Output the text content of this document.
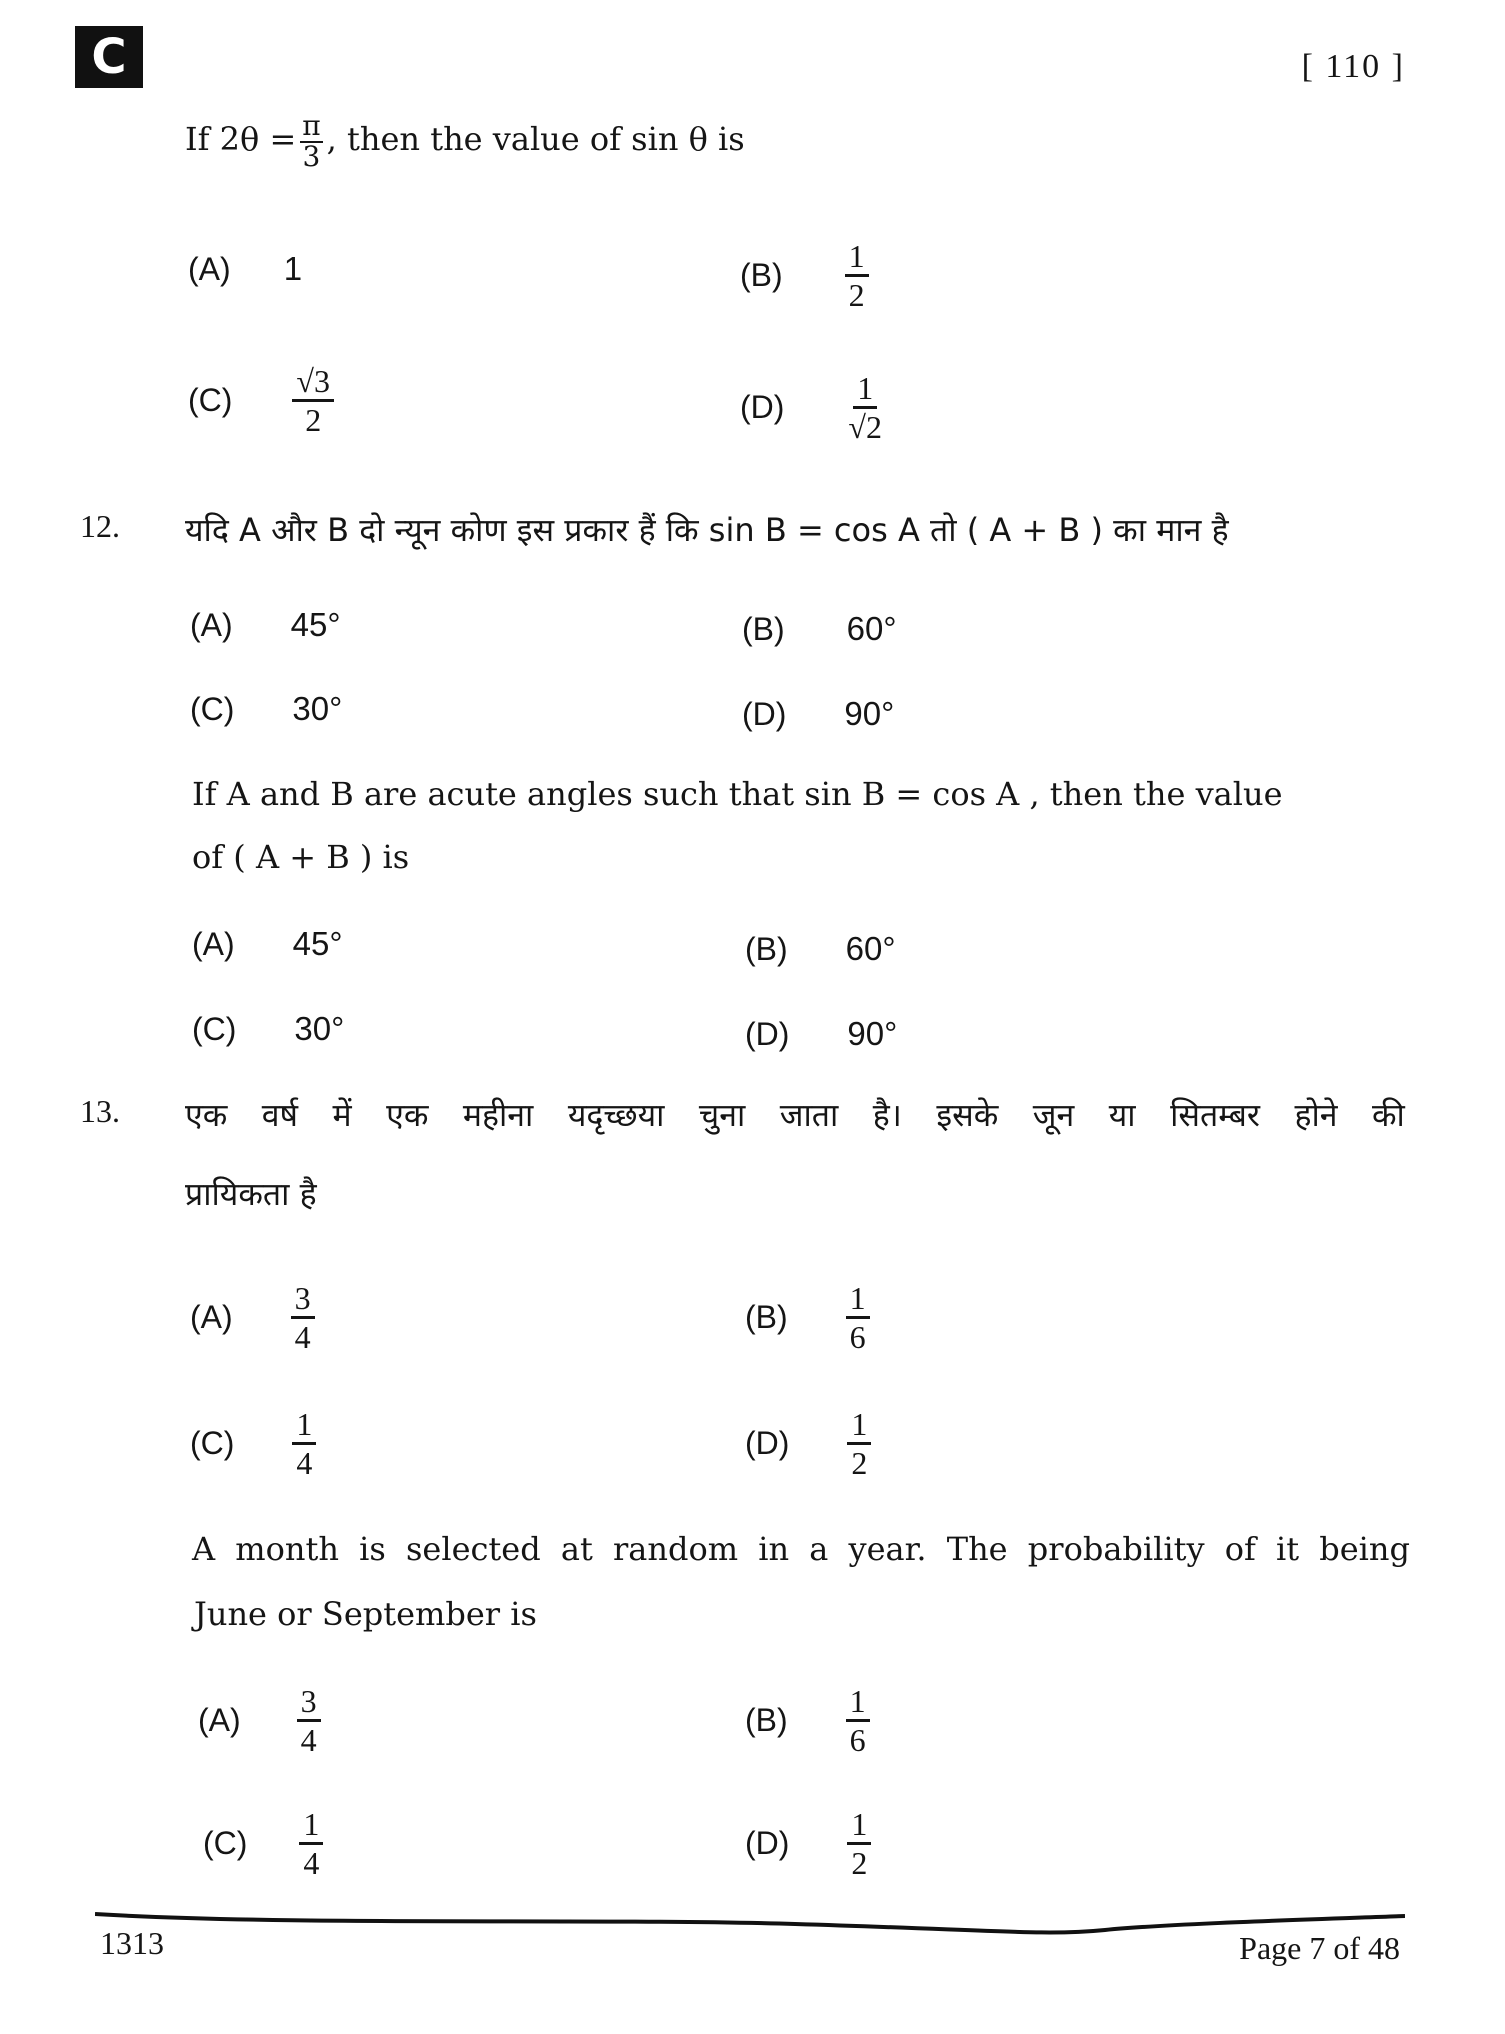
C	[ 110 ]
If $2\theta = \frac{\pi}{3}$ , then the value of sin θ is
(A) 1	$(B) \frac{1}{2}$
$(C) \frac{√3}{2}$	$(D) \frac{1}{√2}$
12. यदि A और B दो न्यून कोण इस प्रकार हैं कि sin B = cos A तो ( A + B ) का मान है
(A) 45°	(B) 60°
(C) 30°	(D) 90°
If A and B are acute angles such that sin B = cos A , then the value
of ( A + B ) is
(A) 45°	(B) 60°
(C) 30°	(D) 90°
13. एक वर्ष में एक महीना यदृच्छया चुना जाता है। इसके जून या सितम्बर होने की
प्रायिकता है
$(A) \frac{3}{4}$	$(B) \frac{1}{6}$
$(C) \frac{1}{4}$	$(D) \frac{1}{2}$
A month is selected at random in a year. The probability of it being
June or September is
$(A) \frac{3}{4}$	$(B) \frac{1}{6}$
$(C) \frac{1}{4}$	$(D) \frac{1}{2}$
1313	Page 7 of 48
